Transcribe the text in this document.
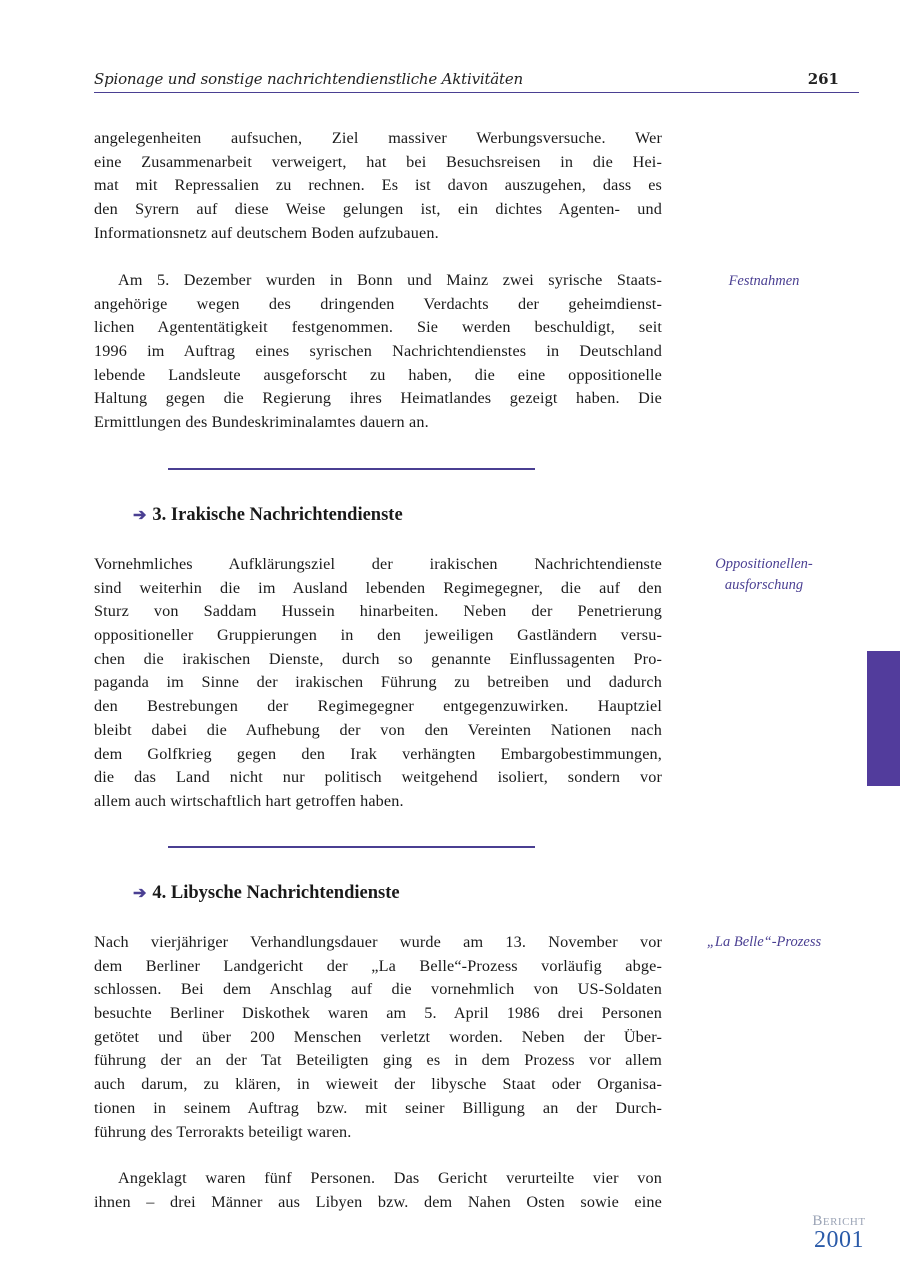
Spionage und sonstige nachrichtendienstliche Aktivitäten	261
angelegenheiten aufsuchen, Ziel massiver Werbungsversuche. Wer
eine Zusammenarbeit verweigert, hat bei Besuchsreisen in die Hei-
mat mit Repressalien zu rechnen. Es ist davon auszugehen, dass es
den Syrern auf diese Weise gelungen ist, ein dichtes Agenten- und
Informationsnetz auf deutschem Boden aufzubauen.
Am 5. Dezember wurden in Bonn und Mainz zwei syrische Staats-
angehörige wegen des dringenden Verdachts der geheimdienst-
lichen Agententätigkeit festgenommen. Sie werden beschuldigt, seit
1996 im Auftrag eines syrischen Nachrichtendienstes in Deutschland
lebende Landsleute ausgeforscht zu haben, die eine oppositionelle
Haltung gegen die Regierung ihres Heimatlandes gezeigt haben. Die
Ermittlungen des Bundeskriminalamtes dauern an.
Festnahmen
➔ 3. Irakische Nachrichtendienste
Vornehmliches Aufklärungsziel der irakischen Nachrichtendienste
sind weiterhin die im Ausland lebenden Regimegegner, die auf den
Sturz von Saddam Hussein hinarbeiten. Neben der Penetrierung
oppositioneller Gruppierungen in den jeweiligen Gastländern versu-
chen die irakischen Dienste, durch so genannte Einflussagenten Pro-
paganda im Sinne der irakischen Führung zu betreiben und dadurch
den Bestrebungen der Regimegegner entgegenzuwirken. Hauptziel
bleibt dabei die Aufhebung der von den Vereinten Nationen nach
dem Golfkrieg gegen den Irak verhängten Embargobestimmungen,
die das Land nicht nur politisch weitgehend isoliert, sondern vor
allem auch wirtschaftlich hart getroffen haben.
Oppositionellen-
ausforschung
➔ 4. Libysche Nachrichtendienste
Nach vierjähriger Verhandlungsdauer wurde am 13. November vor
dem Berliner Landgericht der „La Belle“-Prozess vorläufig abge-
schlossen. Bei dem Anschlag auf die vornehmlich von US-Soldaten
besuchte Berliner Diskothek waren am 5. April 1986 drei Personen
getötet und über 200 Menschen verletzt worden. Neben der Über-
führung der an der Tat Beteiligten ging es in dem Prozess vor allem
auch darum, zu klären, in wieweit der libysche Staat oder Organisa-
tionen in seinem Auftrag bzw. mit seiner Billigung an der Durch-
führung des Terrorakts beteiligt waren.
„La Belle“-Prozess
Angeklagt waren fünf Personen. Das Gericht verurteilte vier von
ihnen – drei Männer aus Libyen bzw. dem Nahen Osten sowie eine
Bericht
2001
